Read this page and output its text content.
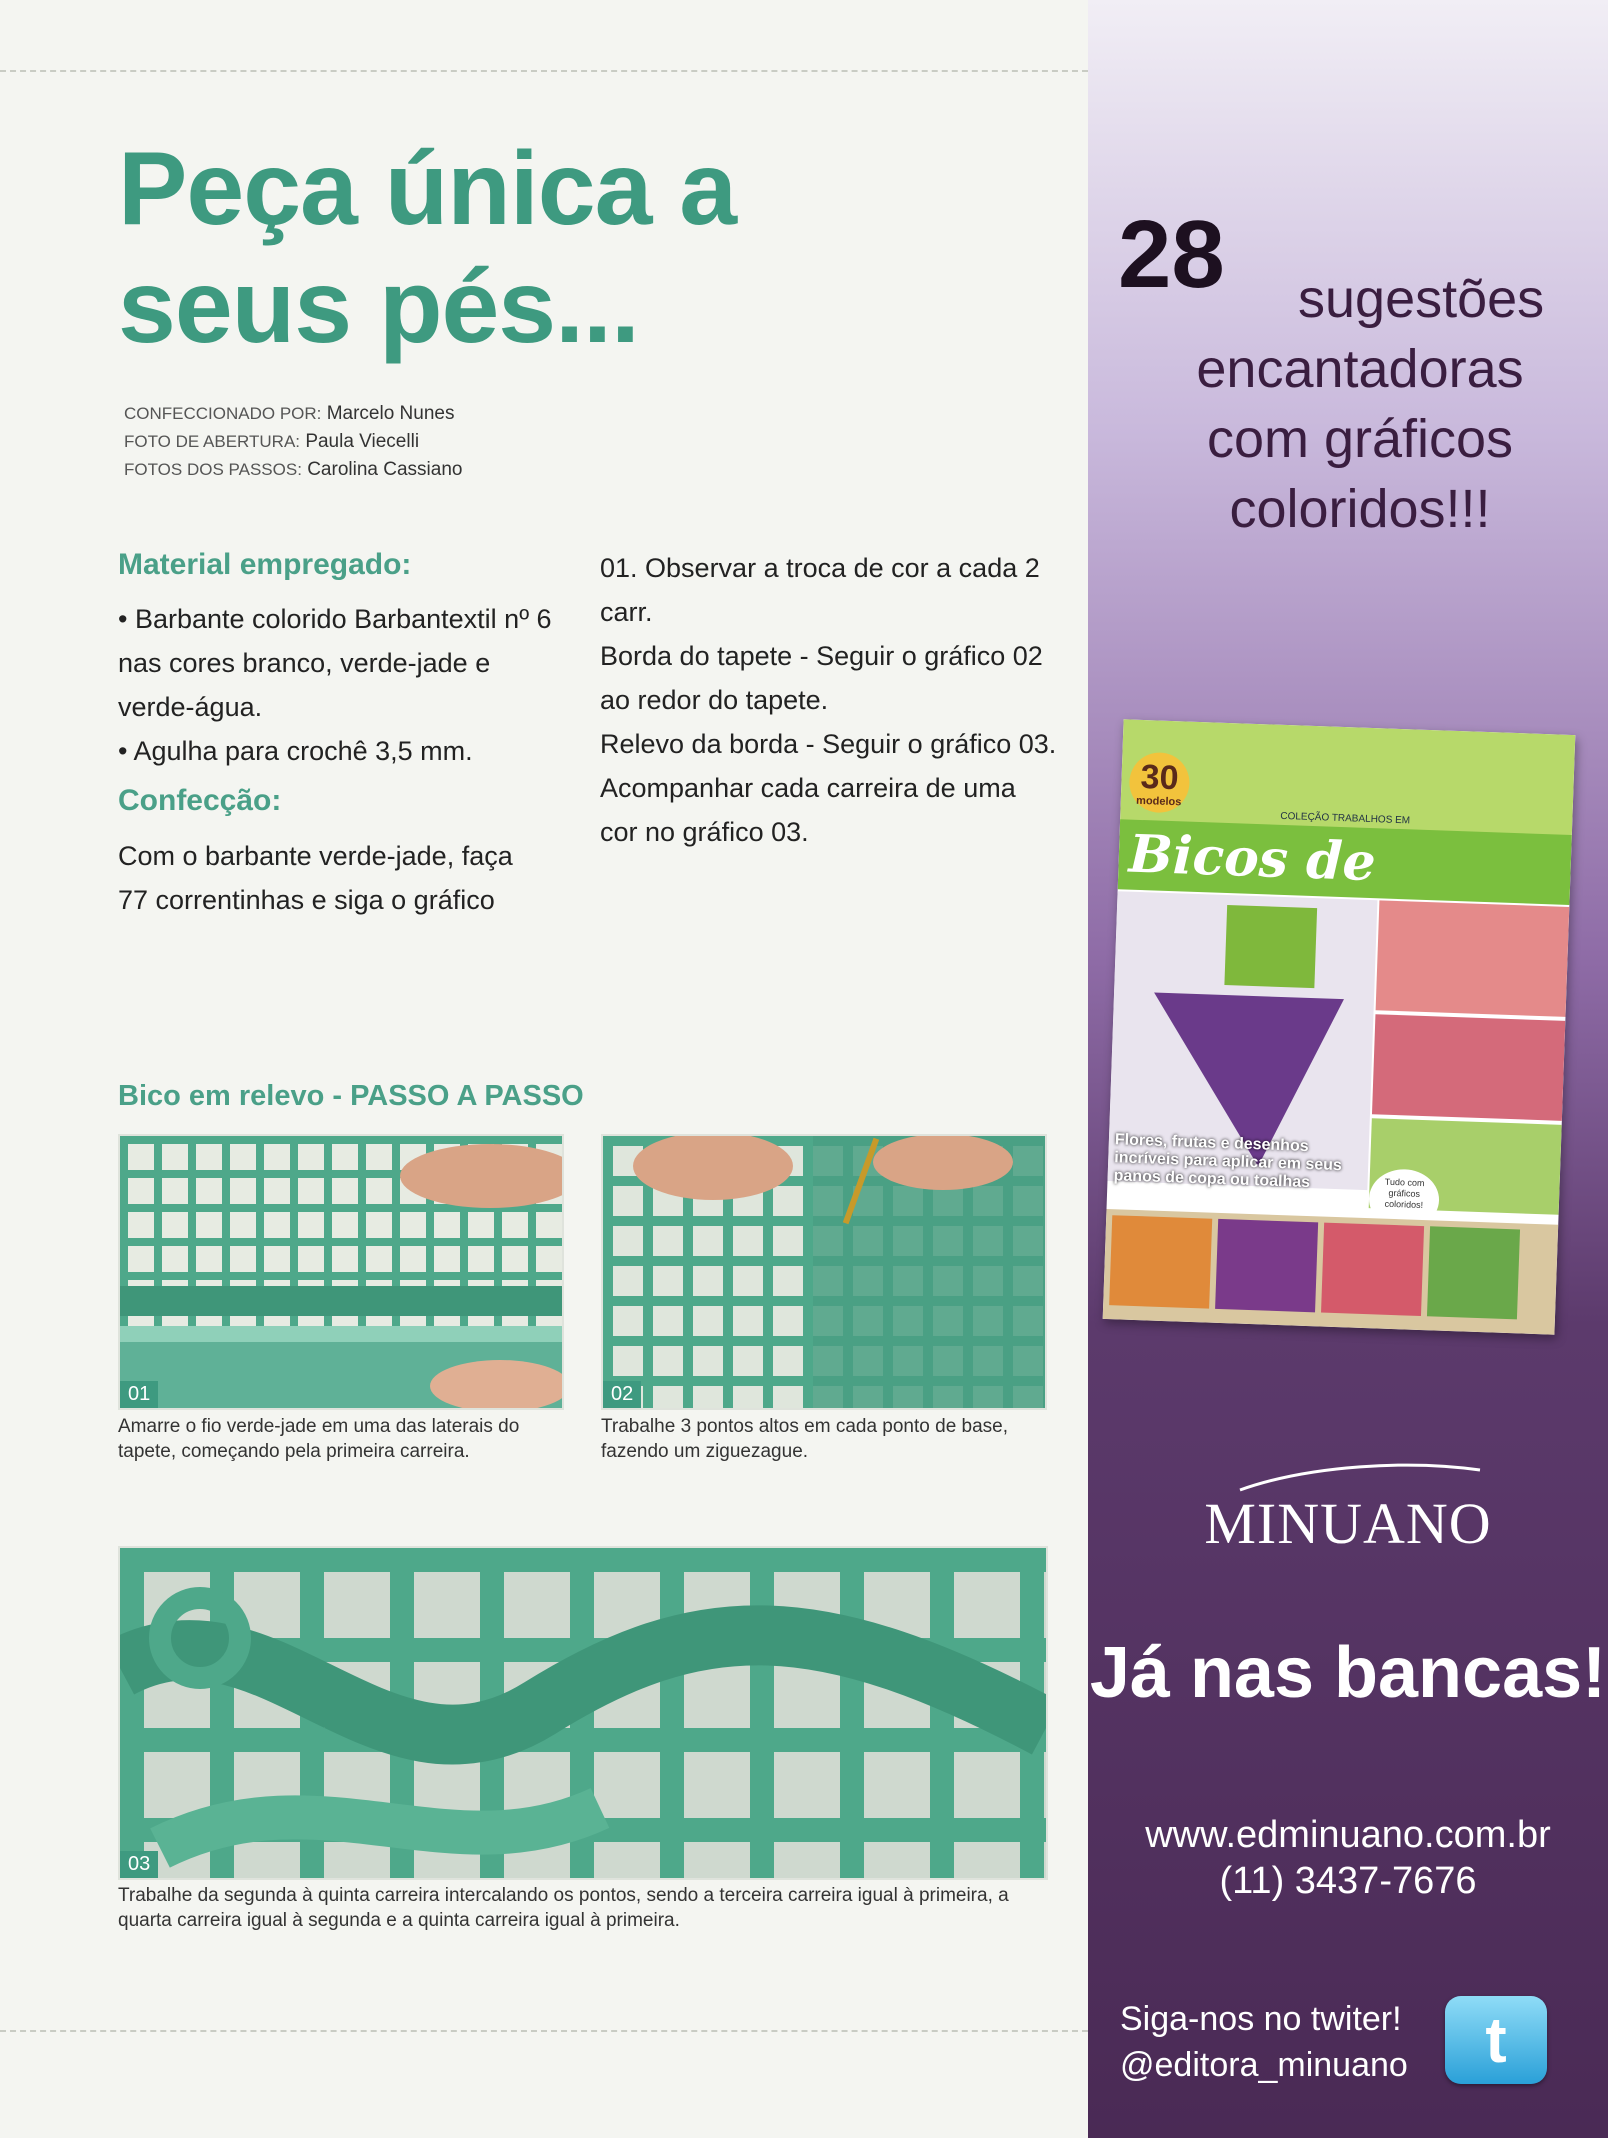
Peça única a
seus pés...
CONFECCIONADO POR: Marcelo Nunes
FOTO DE ABERTURA: Paula Viecelli
FOTOS DOS PASSOS: Carolina Cassiano
Material empregado:
• Barbante colorido Barbantextil nº 6 nas cores branco, verde-jade e verde-água.
• Agulha para crochê 3,5 mm.
Confecção:
Com o barbante verde-jade, faça 77 correntinhas e siga o gráfico
01. Observar a troca de cor a cada 2 carr.
Borda do tapete - Seguir o gráfico 02 ao redor do tapete.
Relevo da borda - Seguir o gráfico 03. Acompanhar cada carreira de uma cor no gráfico 03.
Bico em relevo - PASSO A PASSO
01
Amarre o fio verde-jade em uma das laterais do tapete, começando pela primeira carreira.
02
Trabalhe 3 pontos altos em cada ponto de base, fazendo um ziguezague.
03
Trabalhe da segunda à quinta carreira intercalando os pontos, sendo a terceira carreira igual à primeira, a quarta carreira igual à segunda e a quinta carreira igual à primeira.
28 sugestões
encantadoras com gráficos coloridos!!!
30
modelos
COLEÇÃO TRABALHOS EM
Bicos de
Flores, frutas e desenhos incríveis para aplicar em seus panos de copa ou toalhas	Tudo com gráficos coloridos!
MINUANO
Já nas bancas!
www.edminuano.com.br
(11) 3437-7676
Siga-nos no twiter!
@editora_minuano	t
